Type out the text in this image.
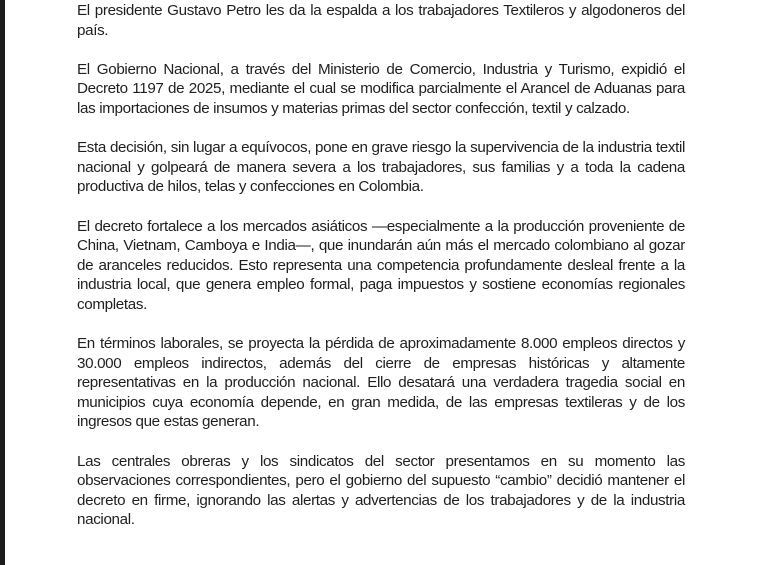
El presidente Gustavo Petro les da la espalda a los trabajadores Textileros y algodoneros del país.

El Gobierno Nacional, a través del Ministerio de Comercio, Industria y Turismo, expidió el Decreto 1197 de 2025, mediante el cual se modifica parcialmente el Arancel de Aduanas para las importaciones de insumos y materias primas del sector confección, textil y calzado.

Esta decisión, sin lugar a equívocos, pone en grave riesgo la supervivencia de la industria textil nacional y golpeará de manera severa a los trabajadores, sus familias y a toda la cadena productiva de hilos, telas y confecciones en Colombia.

El decreto fortalece a los mercados asiáticos —especialmente a la producción proveniente de China, Vietnam, Camboya e India—, que inundarán aún más el mercado colombiano al gozar de aranceles reducidos. Esto representa una competencia profundamente desleal frente a la industria local, que genera empleo formal, paga impuestos y sostiene economías regionales completas.

En términos laborales, se proyecta la pérdida de aproximadamente 8.000 empleos directos y 30.000 empleos indirectos, además del cierre de empresas históricas y altamente representativas en la producción nacional. Ello desatará una verdadera tragedia social en municipios cuya economía depende, en gran medida, de las empresas textileras y de los ingresos que estas generan.

Las centrales obreras y los sindicatos del sector presentamos en su momento las observaciones correspondientes, pero el gobierno del supuesto “cambio” decidió mantener el decreto en firme, ignorando las alertas y advertencias de los trabajadores y de la industria nacional.
